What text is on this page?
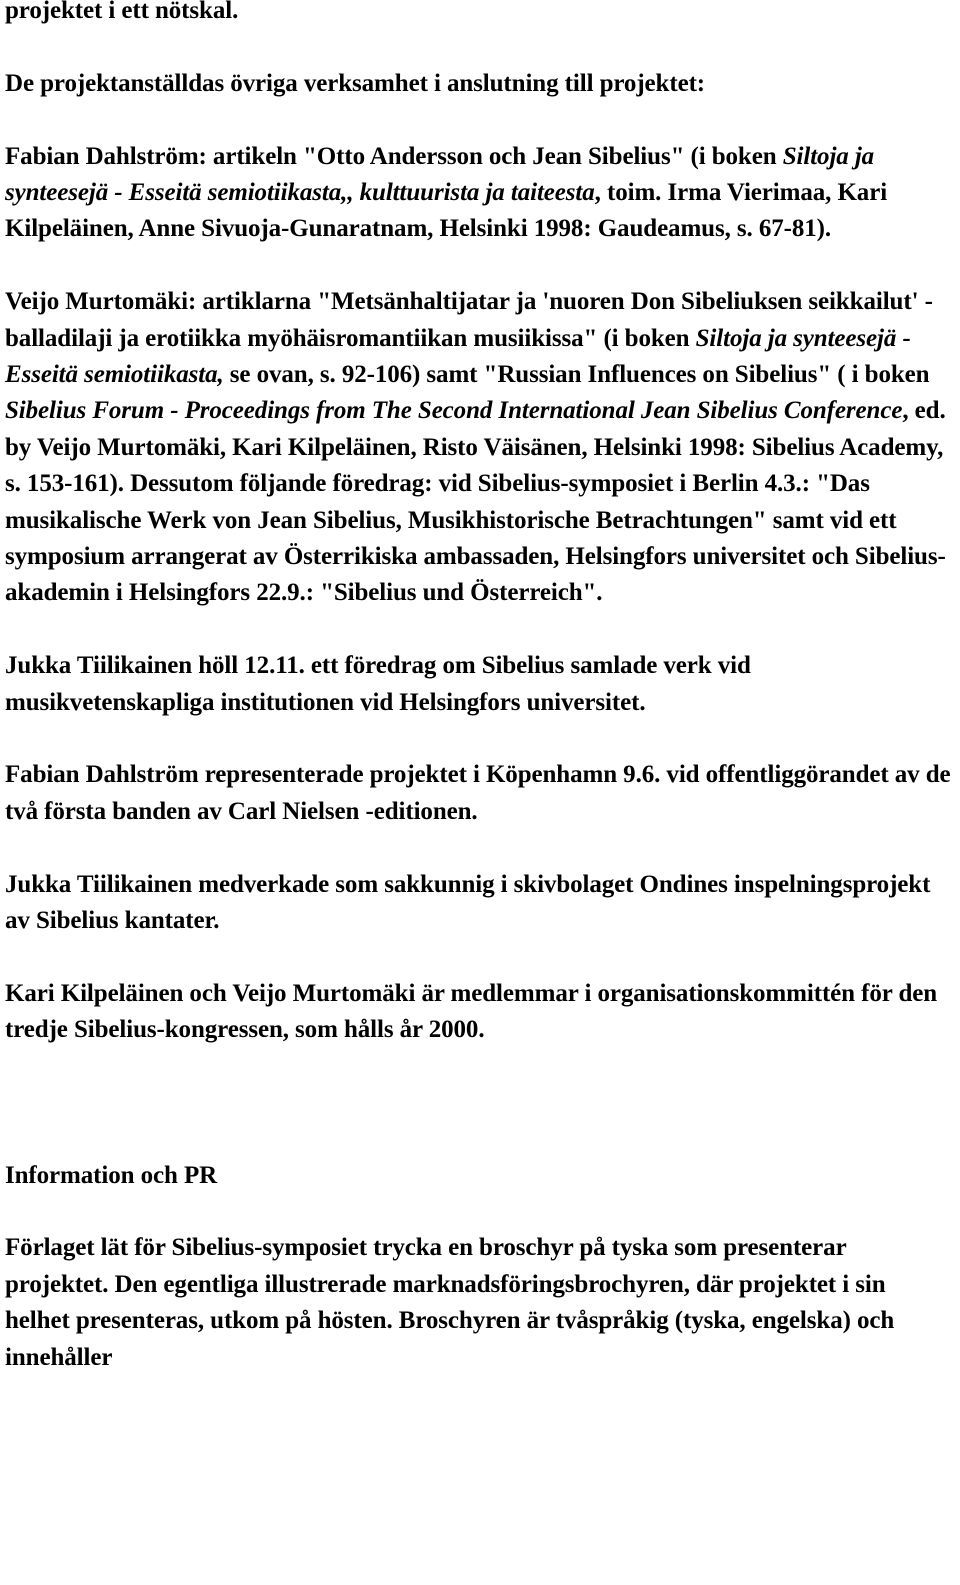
projektet i ett nötskal.

De projektanställdas övriga verksamhet i anslutning till projektet:

Fabian Dahlström: artikeln "Otto Andersson och Jean Sibelius" (i boken Siltoja ja synteesejä - Esseitä semiotiikasta,, kulttuurista ja taiteesta, toim. Irma Vierimaa, Kari Kilpeläinen, Anne Sivuoja-Gunaratnam, Helsinki 1998: Gaudeamus, s. 67-81).

Veijo Murtomäki: artiklarna "Metsänhaltijatar ja 'nuoren Don Sibeliuksen seikkailut' - balladilaji ja erotiikka myöhäisromantiikan musiikissa" (i boken Siltoja ja synteesejä - Esseitä semiotiikasta, se ovan, s. 92-106) samt "Russian Influences on Sibelius" ( i boken Sibelius Forum - Proceedings from The Second International Jean Sibelius Conference, ed. by Veijo Murtomäki, Kari Kilpeläinen, Risto Väisänen, Helsinki 1998: Sibelius Academy, s. 153-161). Dessutom följande föredrag: vid Sibelius-symposiet i Berlin 4.3.: "Das musikalische Werk von Jean Sibelius, Musikhistorische Betrachtungen" samt vid ett symposium arrangerat av Österrikiska ambassaden, Helsingfors universitet och Sibelius-akademin i Helsingfors 22.9.: "Sibelius und Österreich".

Jukka Tiilikainen höll 12.11. ett föredrag om Sibelius samlade verk vid musikvetenskapliga institutionen vid Helsingfors universitet.

Fabian Dahlström representerade projektet i Köpenhamn 9.6. vid offentliggörandet av de två första banden av Carl Nielsen -editionen.

Jukka Tiilikainen medverkade som sakkunnig i skivbolaget Ondines inspelningsprojekt av Sibelius kantater.

Kari Kilpeläinen och Veijo Murtomäki är medlemmar i organisationskommittén för den tredje Sibelius-kongressen, som hålls år 2000.

Information och PR

Förlaget lät för Sibelius-symposiet trycka en broschyr på tyska som presenterar projektet. Den egentliga illustrerade marknadsföringsbrochyren, där projektet i sin helhet presenteras, utkom på hösten. Broschyren är tvåspråkig (tyska, engelska) och innehåller
